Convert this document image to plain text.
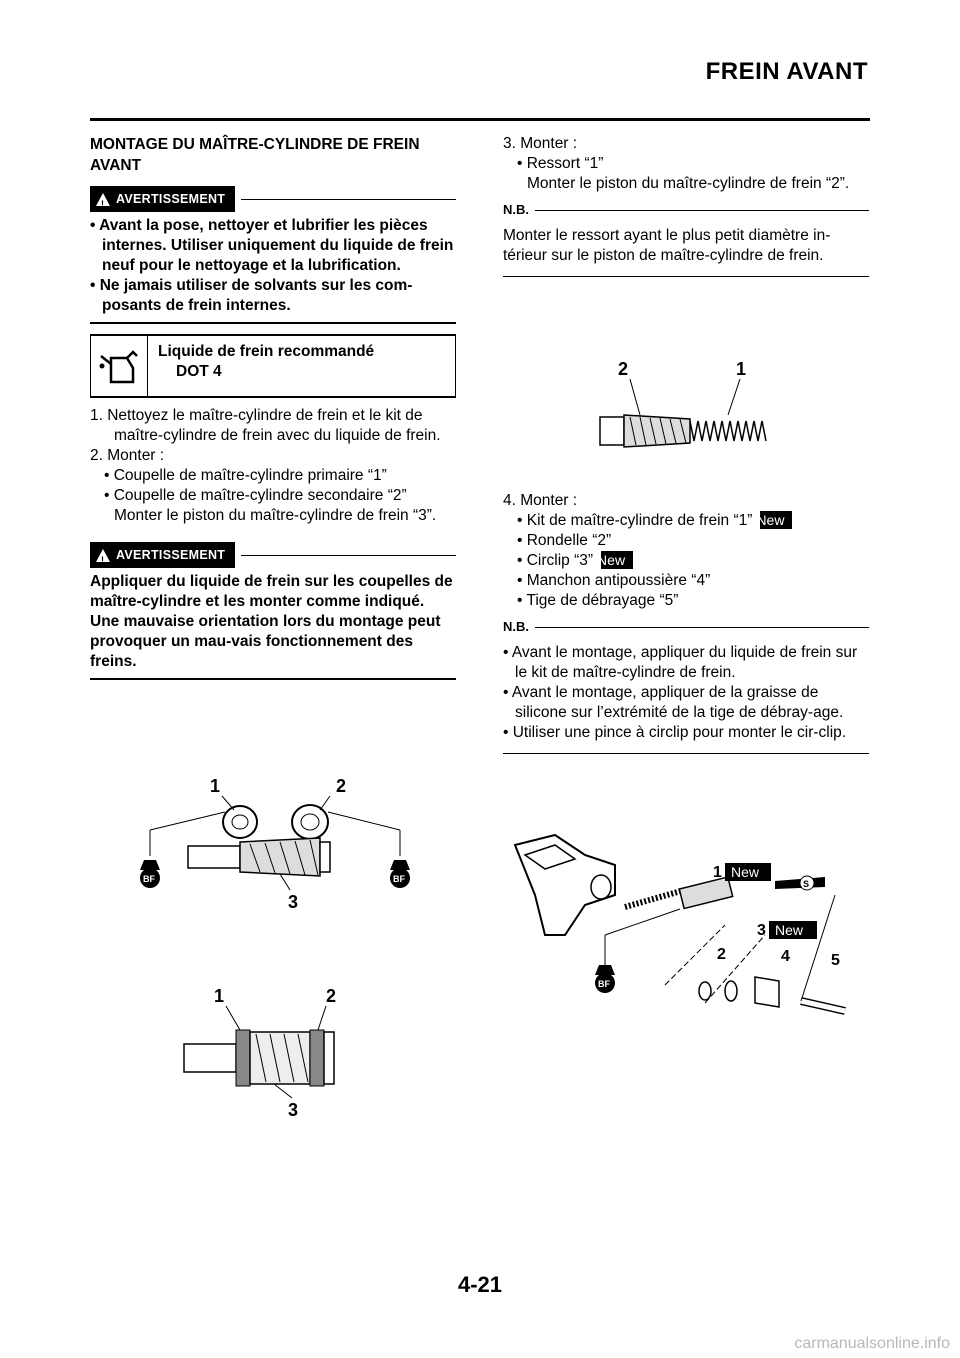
FREIN AVANT
MONTAGE DU MAÎTRE-CYLINDRE DE FREIN AVANT
! AVERTISSEMENT

• Avant la pose, nettoyer et lubrifier les pièces internes. Utiliser uniquement du liquide de frein neuf pour le nettoyage et la lubrification.

• Ne jamais utiliser de solvants sur les com-posants de frein internes.

Liquide de frein recommandé
DOT 4

1. Nettoyez le maître-cylindre de frein et le kit de maître-cylindre de frein avec du liquide de frein.

2. Monter :

• Coupelle de maître-cylindre primaire “1”

• Coupelle de maître-cylindre secondaire “2”

Monter le piston du maître-cylindre de frein “3”.

! AVERTISSEMENT

Appliquer du liquide de frein sur les coupelles de maître-cylindre et les monter comme indiqué. Une mauvaise orientation lors du montage peut provoquer un mau-vais fonctionnement des freins.

1	2
BF	BF
3
1	2
3

3. Monter :

• Ressort “1”

Monter le piston du maître-cylindre de frein “2”.

N.B.

Monter le ressort ayant le plus petit diamètre in-térieur sur le piston de maître-cylindre de frein.

4. Monter :

• Kit de maître-cylindre de frein “1” New

• Rondelle “2”

• Circlip “3” New

• Manchon antipoussière “4”

• Tige de débrayage “5”

N.B.

• Avant le montage, appliquer du liquide de frein sur le kit de maître-cylindre de frein.

• Avant le montage, appliquer de la graisse de silicone sur l’extrémité de la tige de débray-age.

• Utiliser une pince à circlip pour monter le cir-clip.

2	1
1 New
S
3 New
2	4	5
BF
4-21
carmanualsonline.info
